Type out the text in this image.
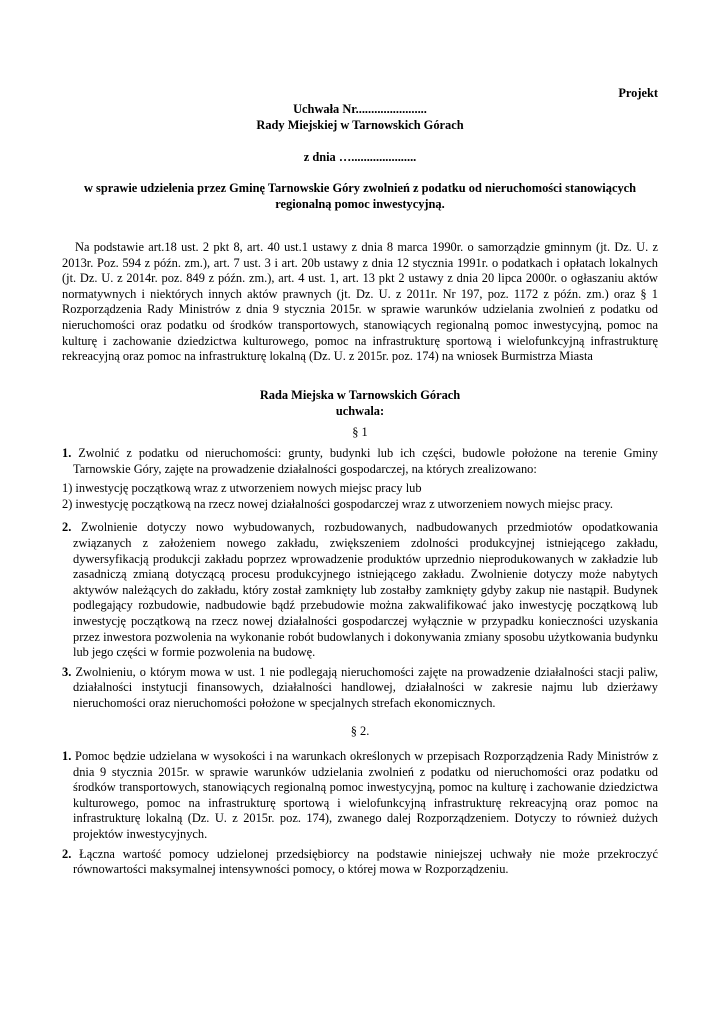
Projekt
Uchwała Nr.......................
Rady Miejskiej w Tarnowskich Górach
z dnia ….....................
w sprawie udzielenia przez Gminę Tarnowskie Góry zwolnień z podatku od nieruchomości stanowiących regionalną pomoc inwestycyjną.
Na podstawie art.18 ust. 2 pkt 8, art. 40 ust.1 ustawy z dnia 8 marca 1990r. o samorządzie gminnym (jt. Dz. U. z 2013r. Poz. 594 z późn. zm.), art. 7 ust. 3 i art. 20b ustawy z dnia 12 stycznia 1991r. o podatkach i opłatach lokalnych (jt. Dz. U. z 2014r. poz. 849 z późn. zm.), art. 4 ust. 1, art. 13 pkt 2 ustawy z dnia 20 lipca 2000r. o ogłaszaniu aktów normatywnych i niektórych innych aktów prawnych (jt. Dz. U. z 2011r. Nr 197, poz. 1172 z późn. zm.) oraz § 1 Rozporządzenia Rady Ministrów z dnia 9 stycznia 2015r. w sprawie warunków udzielania zwolnień z podatku od nieruchomości oraz podatku od środków transportowych, stanowiących regionalną pomoc inwestycyjną, pomoc na kulturę i zachowanie dziedzictwa kulturowego, pomoc na infrastrukturę sportową i wielofunkcyjną infrastrukturę rekreacyjną oraz pomoc na infrastrukturę lokalną (Dz. U. z 2015r. poz. 174) na wniosek Burmistrza Miasta
Rada Miejska w Tarnowskich Górach
uchwala:
§ 1
1. Zwolnić z podatku od nieruchomości: grunty, budynki lub ich części, budowle położone na terenie Gminy Tarnowskie Góry, zajęte na prowadzenie działalności gospodarczej, na których zrealizowano:
1) inwestycję początkową wraz z utworzeniem nowych miejsc pracy lub
2) inwestycję początkową na rzecz nowej działalności gospodarczej wraz z utworzeniem nowych miejsc pracy.
2. Zwolnienie dotyczy nowo wybudowanych, rozbudowanych, nadbudowanych przedmiotów opodatkowania związanych z założeniem nowego zakładu, zwiększeniem zdolności produkcyjnej istniejącego zakładu, dywersyfikacją produkcji zakładu poprzez wprowadzenie produktów uprzednio nieprodukowanych w zakładzie lub zasadniczą zmianą dotyczącą procesu produkcyjnego istniejącego zakładu. Zwolnienie dotyczy może nabytych aktywów należących do zakładu, który został zamknięty lub zostałby zamknięty gdyby zakup nie nastąpił. Budynek podlegający rozbudowie, nadbudowie bądź przebudowie można zakwalifikować jako inwestycję początkową lub inwestycję początkową na rzecz nowej działalności gospodarczej wyłącznie w przypadku konieczności uzyskania przez inwestora pozwolenia na wykonanie robót budowlanych i dokonywania zmiany sposobu użytkowania budynku lub jego części w formie pozwolenia na budowę.
3. Zwolnieniu, o którym mowa w ust. 1 nie podlegają nieruchomości zajęte na prowadzenie działalności stacji paliw, działalności instytucji finansowych, działalności handlowej, działalności w zakresie najmu lub dzierżawy nieruchomości oraz nieruchomości położone w specjalnych strefach ekonomicznych.
§ 2.
1. Pomoc będzie udzielana w wysokości i na warunkach określonych w przepisach Rozporządzenia Rady Ministrów z dnia 9 stycznia 2015r. w sprawie warunków udzielania zwolnień z podatku od nieruchomości oraz podatku od środków transportowych, stanowiących regionalną pomoc inwestycyjną, pomoc na kulturę i zachowanie dziedzictwa kulturowego, pomoc na infrastrukturę sportową i wielofunkcyjną infrastrukturę rekreacyjną oraz pomoc na infrastrukturę lokalną (Dz. U. z 2015r. poz. 174), zwanego dalej Rozporządzeniem. Dotyczy to również dużych projektów inwestycyjnych.
2. Łączna wartość pomocy udzielonej przedsiębiorcy na podstawie niniejszej uchwały nie może przekroczyć równowartości maksymalnej intensywności pomocy, o której mowa w Rozporządzeniu.
